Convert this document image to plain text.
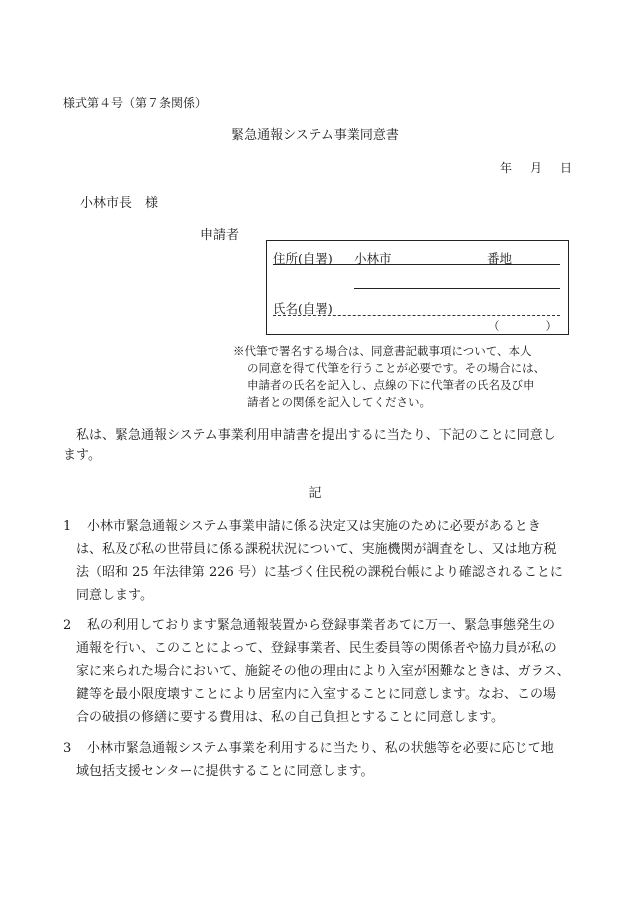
様式第４号（第７条関係）
緊急通報システム事業同意書
年 月 日
小林市長　様
申請者
住所(自署) 小林市	番地
氏名(自署)
（　　　　）
※代筆で署名する場合は、同意書記載事項について、本人
の同意を得て代筆を行うことが必要です。その場合には、
申請者の氏名を記入し、点線の下に代筆者の氏名及び申
請者との関係を記入してください。
　私は、緊急通報システム事業利用申請書を提出するに当たり、下記のことに同意し
ます。
記
1 小林市緊急通報システム事業申請に係る決定又は実施のために必要があるとき
は、私及び私の世帯員に係る課税状況について、実施機関が調査をし、又は地方税
法（昭和 25 年法律第 226 号）に基づく住民税の課税台帳により確認されることに
同意します。
2 私の利用しております緊急通報装置から登録事業者あてに万一、緊急事態発生の
通報を行い、このことによって、登録事業者、民生委員等の関係者や協力員が私の
家に来られた場合において、施錠その他の理由により入室が困難なときは、ガラス、
鍵等を最小限度壊すことにより居室内に入室することに同意します。なお、この場
合の破損の修繕に要する費用は、私の自己負担とすることに同意します。
3 小林市緊急通報システム事業を利用するに当たり、私の状態等を必要に応じて地
域包括支援センターに提供することに同意します。
